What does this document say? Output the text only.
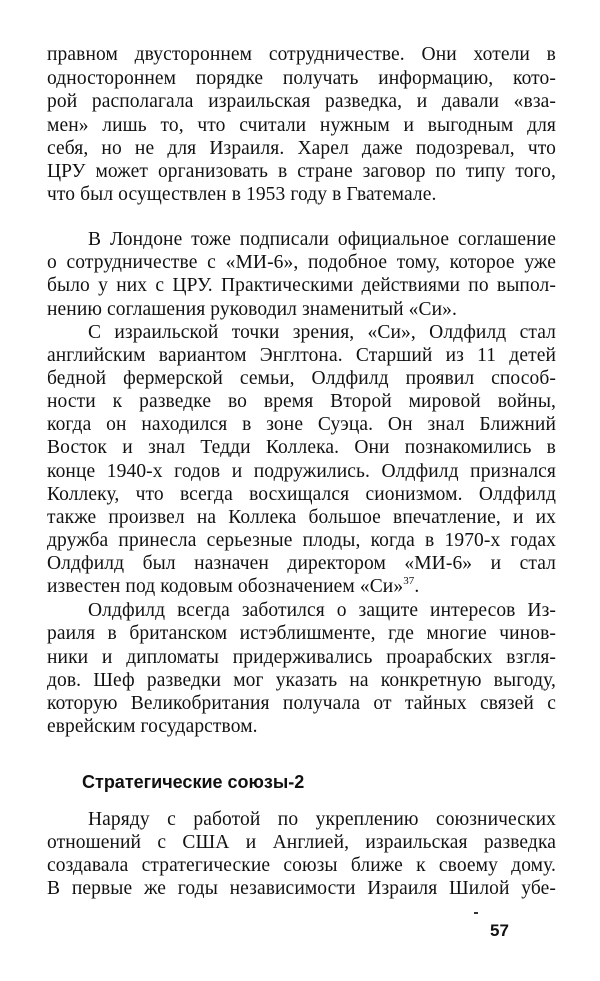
правном двустороннем сотрудничестве. Они хотели в
одностороннем порядке получать информацию, кото-
рой располагала израильская разведка, и давали «вза-
мен» лишь то, что считали нужным и выгодным для
себя, но не для Израиля. Харел даже подозревал, что
ЦРУ может организовать в стране заговор по типу того,
что был осуществлен в 1953 году в Гватемале.
В Лондоне тоже подписали официальное соглашение
о сотрудничестве с «МИ-6», подобное тому, которое уже
было у них с ЦРУ. Практическими действиями по выпол-
нению соглашения руководил знаменитый «Си».
С израильской точки зрения, «Си», Олдфилд стал
английским вариантом Энглтона. Старший из 11 детей
бедной фермерской семьи, Олдфилд проявил способ-
ности к разведке во время Второй мировой войны,
когда он находился в зоне Суэца. Он знал Ближний
Восток и знал Тедди Коллека. Они познакомились в
конце 1940-х годов и подружились. Олдфилд признался
Коллеку, что всегда восхищался сионизмом. Олдфилд
также произвел на Коллека большое впечатление, и их
дружба принесла серьезные плоды, когда в 1970-х годах
Олдфилд был назначен директором «МИ-6» и стал
известен под кодовым обозначением «Си»$^{37}$.
Олдфилд всегда заботился о защите интересов Из-
раиля в британском истэблишменте, где многие чинов-
ники и дипломаты придерживались проарабских взгля-
дов. Шеф разведки мог указать на конкретную выгоду,
которую Великобритания получала от тайных связей с
еврейским государством.
Стратегические союзы-2
Наряду с работой по укреплению союзнических
отношений с США и Англией, израильская разведка
создавала стратегические союзы ближе к своему дому.
В первые же годы независимости Израиля Шилой убе-
57
